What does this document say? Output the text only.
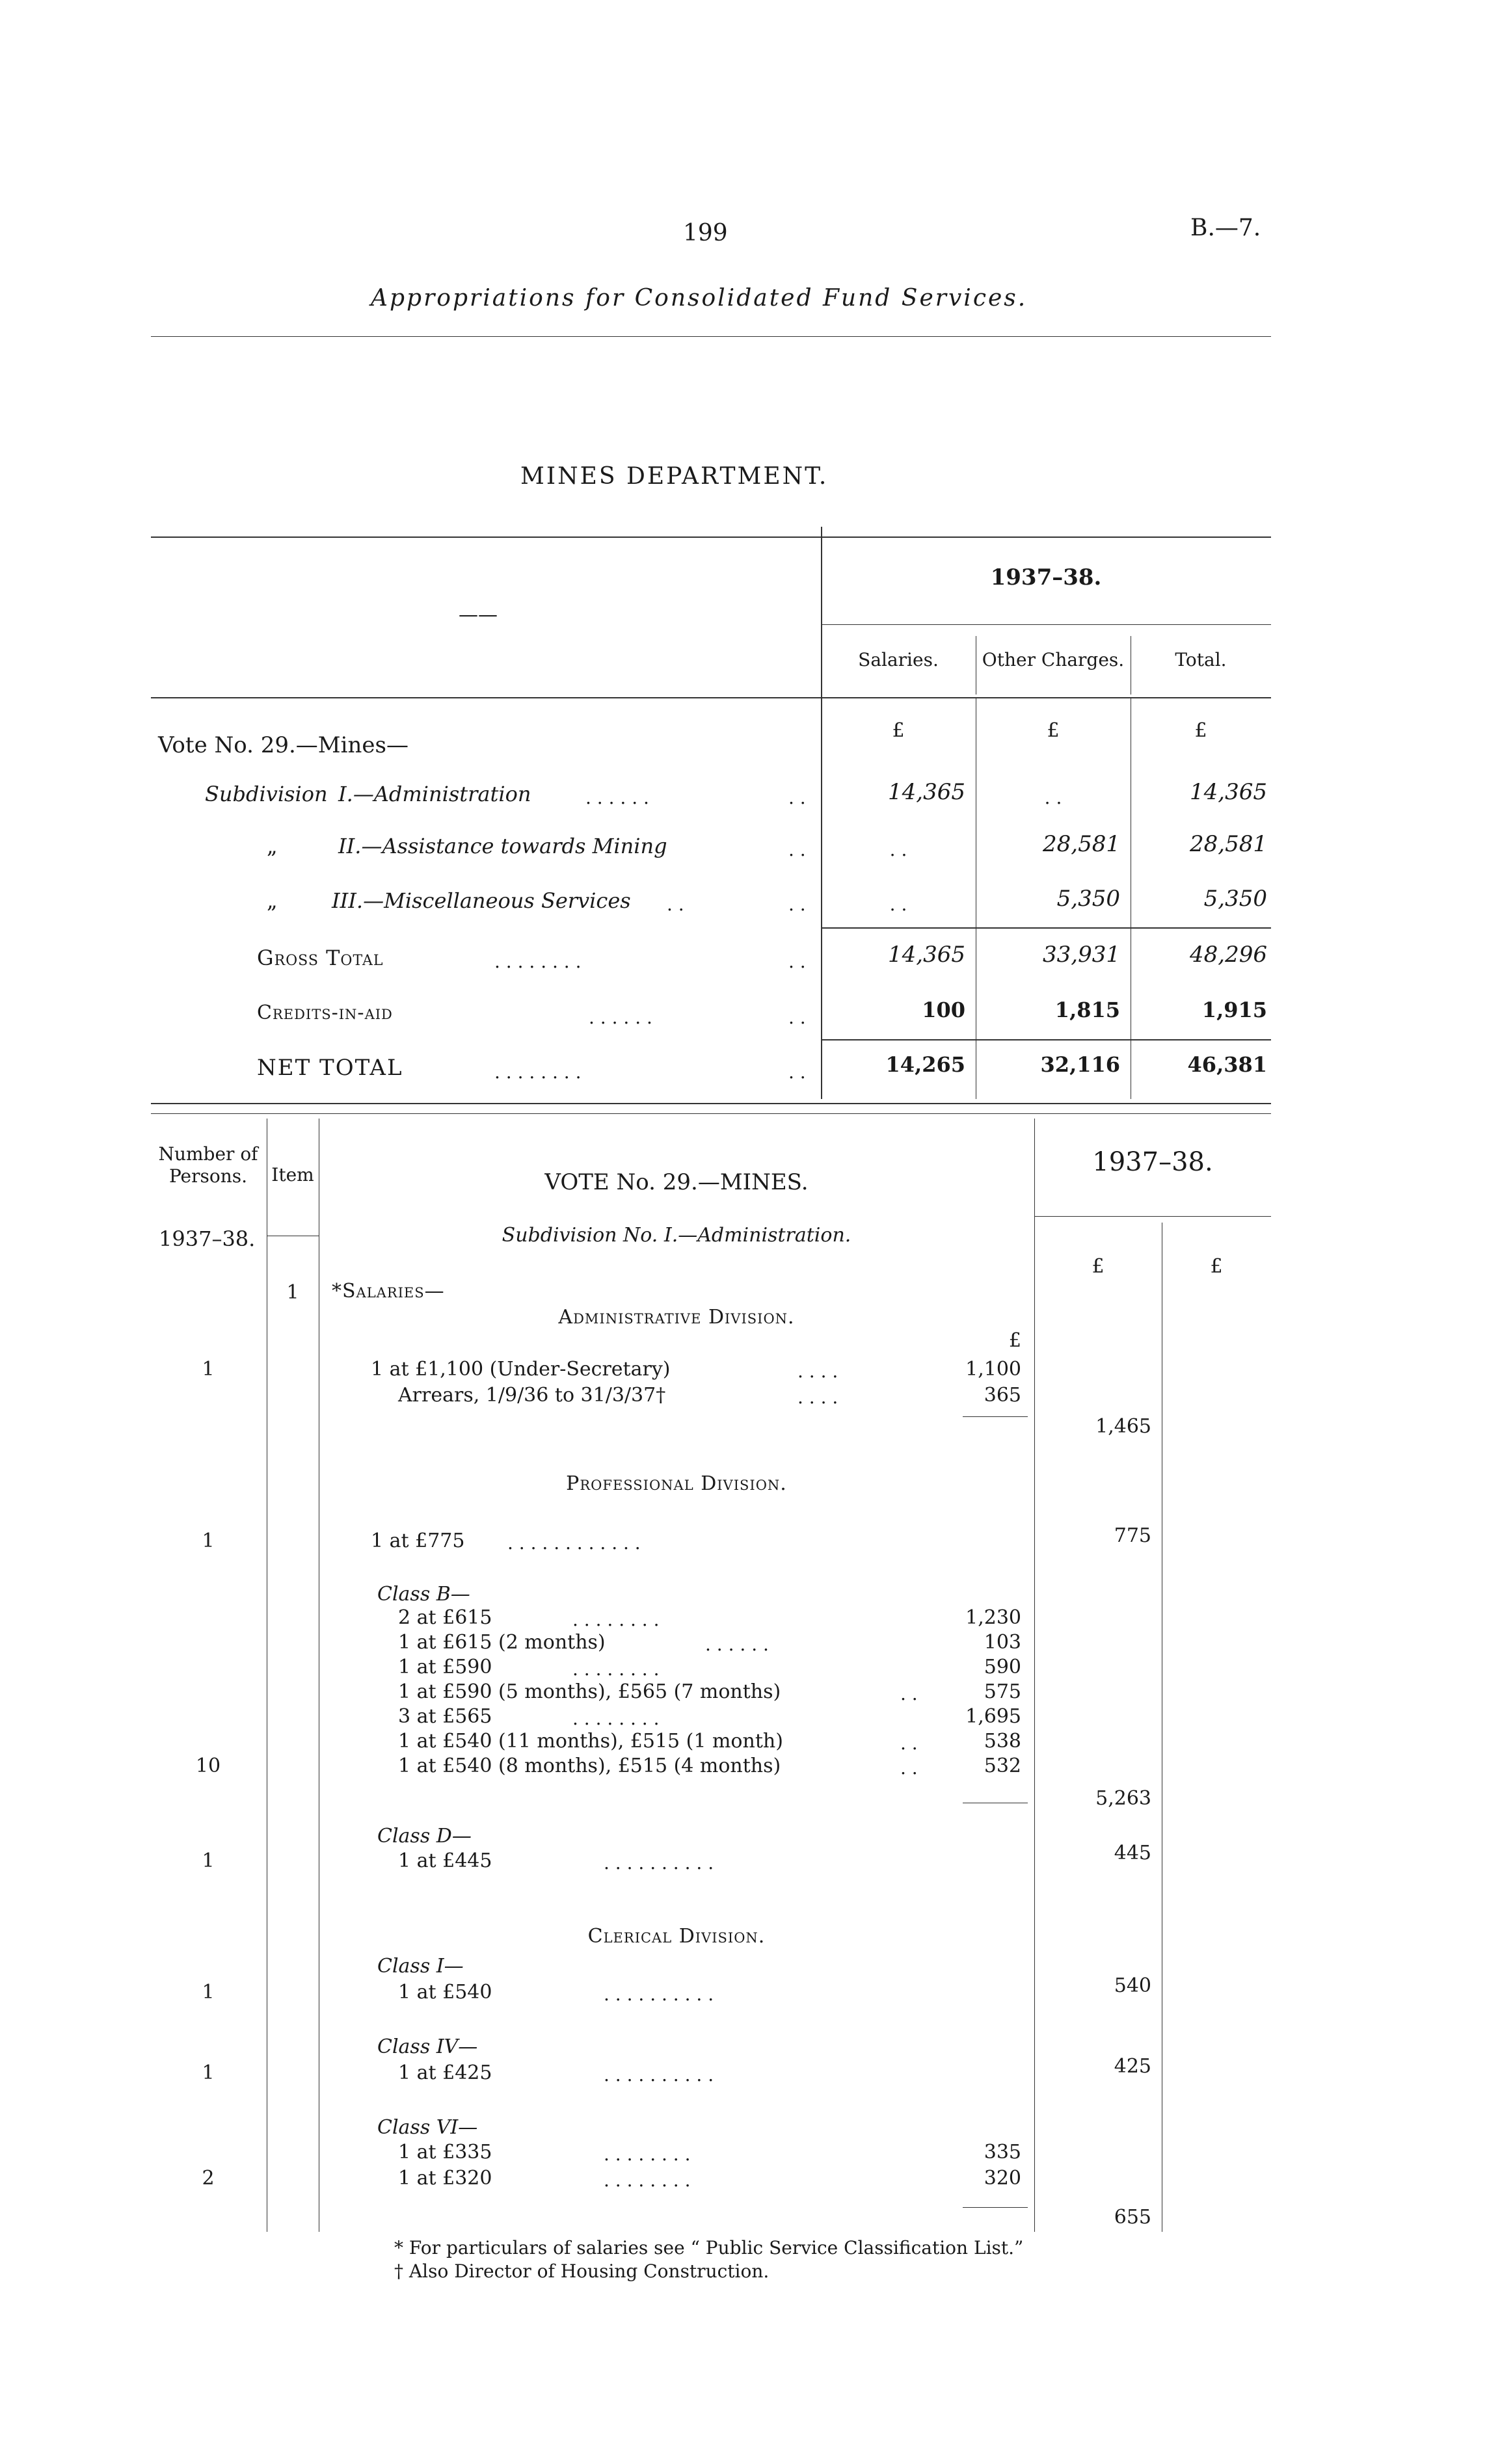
199	B.—7.
Appropriations for Consolidated Fund Services.
MINES DEPARTMENT.
——
1937–38.
Salaries.	Other Charges.	Total.
£	£	£
Vote No. 29.—Mines—
Subdivision I.—Administration	. . . . . .	. .	14,365	. .	14,365
„	II.—Assistance towards Mining	. .	. .	28,581	28,581
„	III.—Miscellaneous Services . .	. .	. .	5,350	5,350
Gross Total	. . . . . . . .	. .	14,365	33,931	48,296
Credits-in-aid	. . . . . .	. .	100	1,815	1,915
NET TOTAL	. . . . . . . .	. .	14,265	32,116	46,381
Number of Persons.	Item	VOTE No. 29.—MINES.
Subdivision No. I.—Administration.
1937–38.
£	£
1937–38.
1	*Salaries—
Administrative Division.
£
1	1 at £1,100 (Under-Secretary)	. . . .	1,100
Arrears, 1/9/36 to 31/3/37†	. . . .	365
1,465
Professional Division.
1	1 at £775 . . . . . . . . . . . .	775
Class B—
2 at £615	. . . . . . . .	1,230
1 at £615 (2 months)	. . . . . .	103
1 at £590	. . . . . . . .	590
1 at £590 (5 months), £565 (7 months)	. .	575
3 at £565	. . . . . . . .	1,695
1 at £540 (11 months), £515 (1 month)	. .	538
10	1 at £540 (8 months), £515 (4 months)	. .	532
5,263
Class D—
1	1 at £445	. . . . . . . . . .	445
Clerical Division.
Class I—
1	1 at £540	. . . . . . . . . .	540
Class IV—
1	1 at £425	. . . . . . . . . .	425
Class VI—
1 at £335	. . . . . . . .	335
2	1 at £320	. . . . . . . .	320
655
* For particulars of salaries see “ Public Service Classification List.”
† Also Director of Housing Construction.
